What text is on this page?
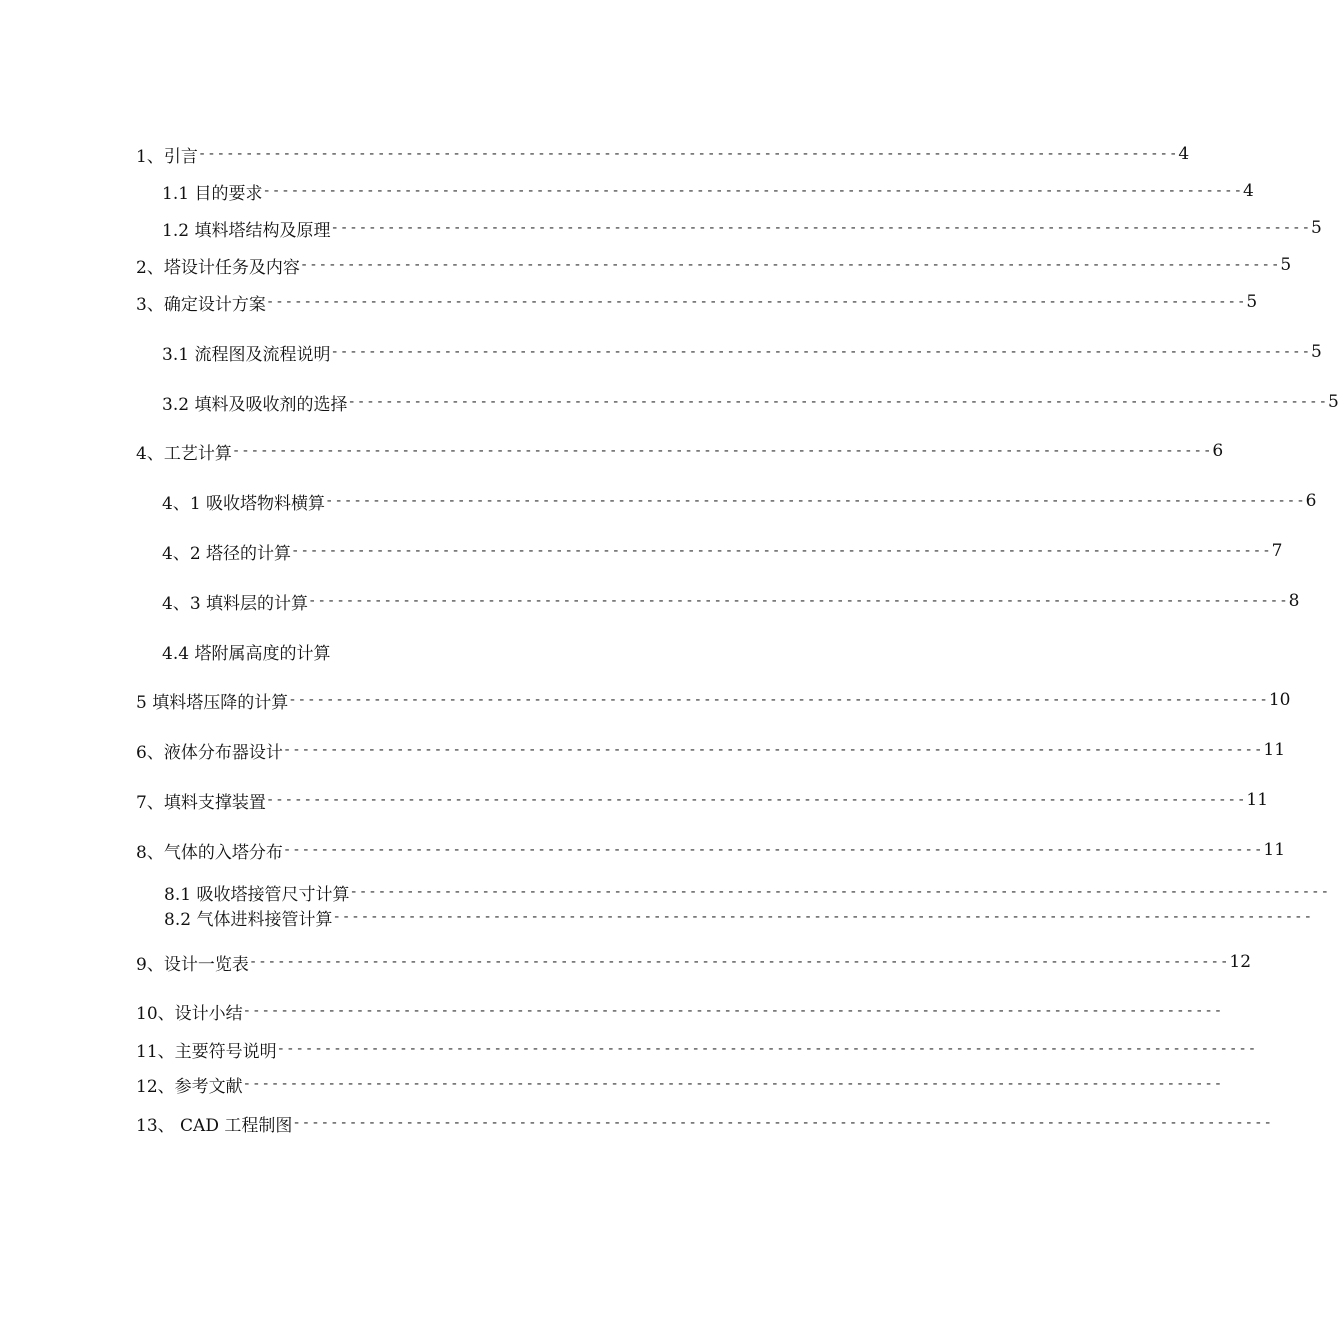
1、引言 -------------------------------------------------------------------------------------------------------- 4
1.1 目的要求 -------------------------------------------------------------------------------------------------------- 4
1.2 填料塔结构及原理 -------------------------------------------------------------------------------------------------------- 5
2、塔设计任务及内容 -------------------------------------------------------------------------------------------------------- 5
3、确定设计方案 -------------------------------------------------------------------------------------------------------- 5
3.1 流程图及流程说明 -------------------------------------------------------------------------------------------------------- 5
3.2 填料及吸收剂的选择 -------------------------------------------------------------------------------------------------------- 5
4、工艺计算 -------------------------------------------------------------------------------------------------------- 6
4、1 吸收塔物料横算 -------------------------------------------------------------------------------------------------------- 6
4、2 塔径的计算 -------------------------------------------------------------------------------------------------------- 7
4、3 填料层的计算 -------------------------------------------------------------------------------------------------------- 8
4.4 塔附属高度的计算
5 填料塔压降的计算 -------------------------------------------------------------------------------------------------------- 10
6、液体分布器设计 -------------------------------------------------------------------------------------------------------- 11
7、填料支撑装置 -------------------------------------------------------------------------------------------------------- 11
8、气体的入塔分布 -------------------------------------------------------------------------------------------------------- 11
8.1 吸收塔接管尺寸计算 --------------------------------------------------------------------------------------------------------
8.2 气体进料接管计算 --------------------------------------------------------------------------------------------------------
9、设计一览表 -------------------------------------------------------------------------------------------------------- 12
10、设计小结 --------------------------------------------------------------------------------------------------------
11、主要符号说明 --------------------------------------------------------------------------------------------------------
12、参考文献 --------------------------------------------------------------------------------------------------------
13、 CAD 工程制图 --------------------------------------------------------------------------------------------------------
